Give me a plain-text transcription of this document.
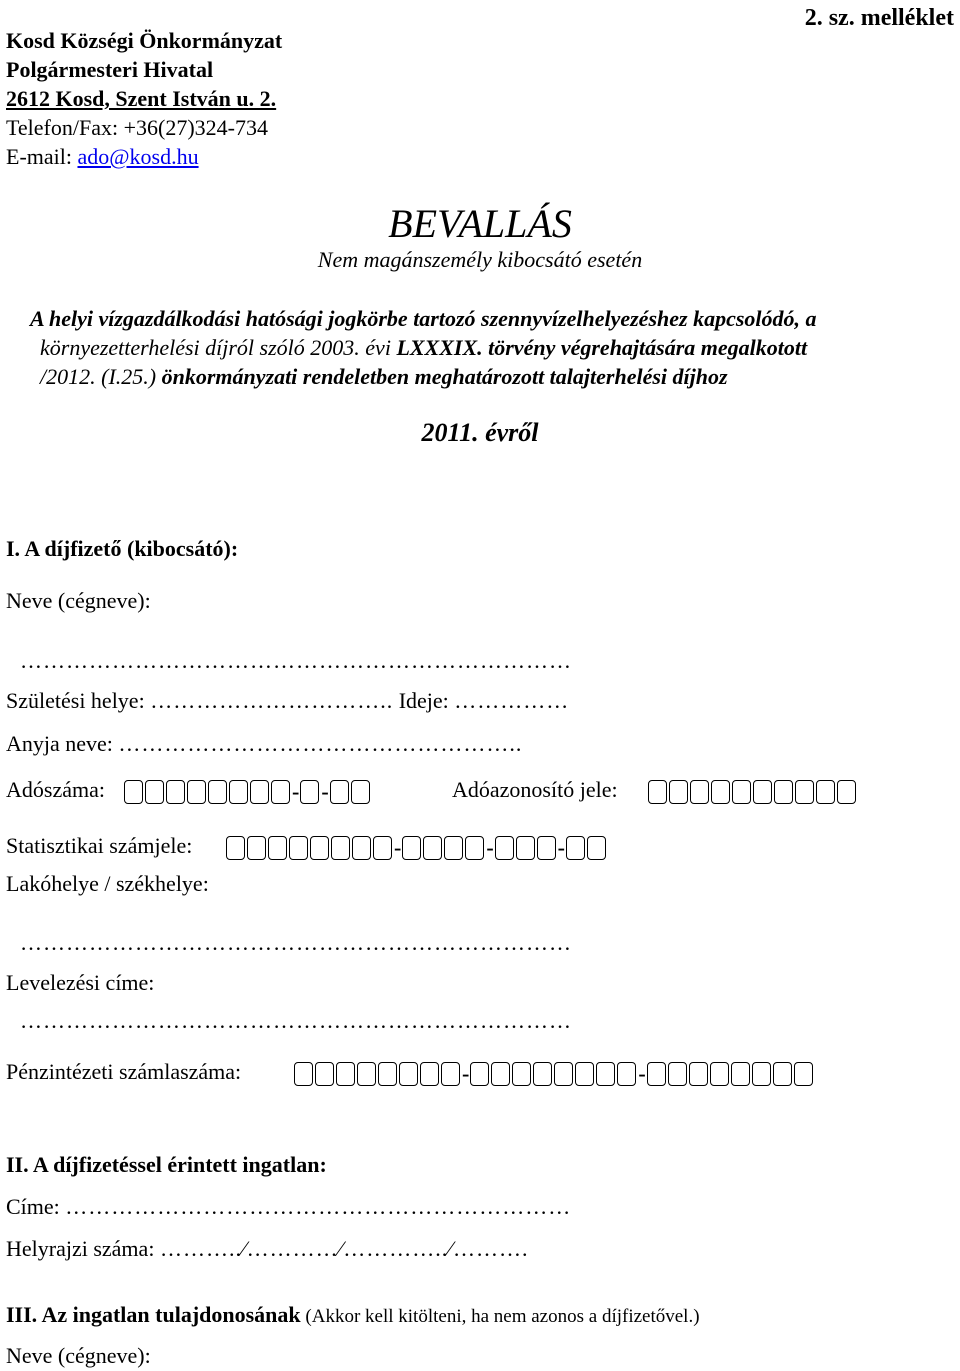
Kosd Községi Önkormányzat
Polgármesteri Hivatal
2612 Kosd, Szent István u. 2.
Telefon/Fax: +36(27)324-734
E-mail: ado@kosd.hu
2. sz. melléklet
BEVALLÁS
Nem magánszemély kibocsátó esetén
A helyi vízgazdálkodási hatósági jogkörbe tartozó szennyvízelhelyezéshez kapcsolódó, a
környezetterhelési díjról szóló 2003. évi LXXXIX. törvény végrehajtására megalkotott
/2012. (I.25.) önkormányzati rendeletben meghatározott talajterhelési díjhoz
2011. évről
I. A díjfizető (kibocsátó):
Neve (cégneve):
………………………………………………………………
Születési helye: ………………………….. Ideje: ……………
Anyja neve: ……………………………………………..
Adószáma:	- -	Adóazonosító jele:
Statisztikai számjele:	-	-	-
Lakóhelye / székhelye:
………………………………………………………………
Levelezési címe:
………………………………………………………………
Pénzintézeti számlaszáma:	-	-
II. A díjfizetéssel érintett ingatlan:
Címe: …………………………………………………………
Helyrajzi száma: ………..⁄…………⁄…………..⁄……….
III. Az ingatlan tulajdonosának (Akkor kell kitölteni, ha nem azonos a díjfizetővel.)
Neve (cégneve):
